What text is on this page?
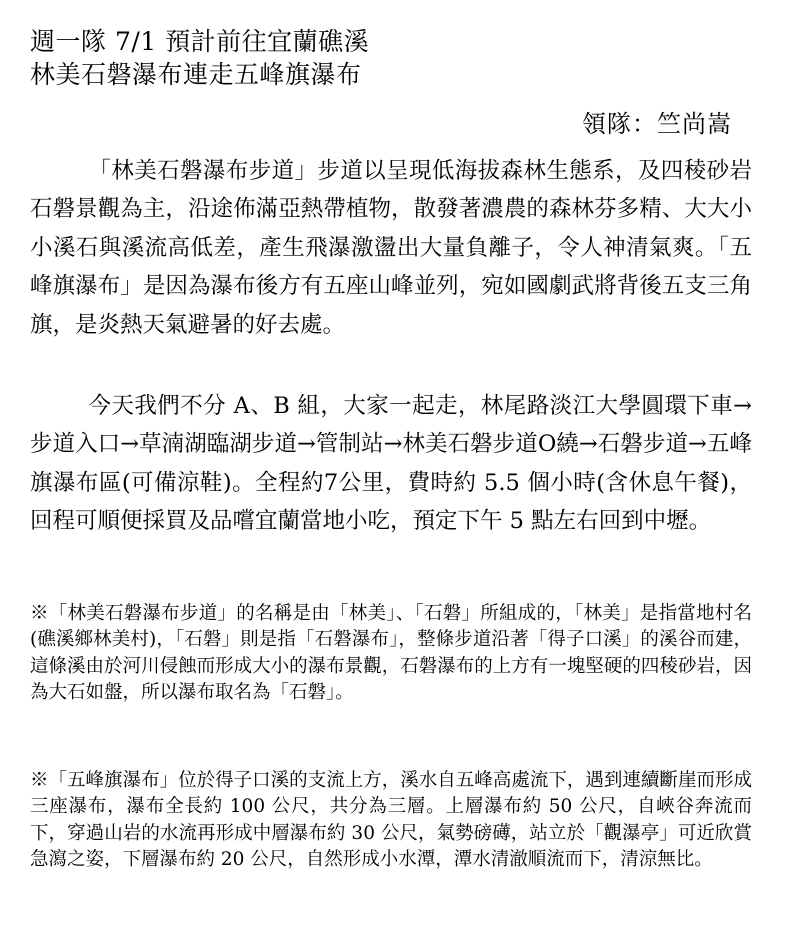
週一隊 7/1 預計前往宜蘭礁溪
林美石磐瀑布連走五峰旗瀑布
領隊：竺尚嵩

「林美石磐瀑布步道」步道以呈現低海拔森林生態系，及四稜砂岩石磐景觀為主，沿途佈滿亞熱帶植物，散發著濃農的森林芬多精、大大小小溪石與溪流高低差，產生飛瀑激盪出大量負離子，令人神清氣爽。「五峰旗瀑布」是因為瀑布後方有五座山峰並列，宛如國劇武將背後五支三角旗，是炎熱天氣避暑的好去處。

今天我們不分 A、B 組，大家一起走，林尾路淡江大學圓環下車→步道入口→草湳湖臨湖步道→管制站→林美石磐步道O繞→石磐步道→五峰旗瀑布區(可備涼鞋)。全程約7公里，費時約 5.5 個小時(含休息午餐)， 回程可順便採買及品嚐宜蘭當地小吃，預定下午 5 點左右回到中壢。

※「林美石磐瀑布步道」的名稱是由「林美」、「石磐」所組成的，「林美」是指當地村名(礁溪鄉林美村)，「石磐」則是指「石磐瀑布」，整條步道沿著「得子口溪」的溪谷而建，這條溪由於河川侵蝕而形成大小的瀑布景觀，石磐瀑布的上方有一塊堅硬的四稜砂岩，因為大石如盤，所以瀑布取名為「石磐」。

※「五峰旗瀑布」位於得子口溪的支流上方，溪水自五峰高處流下，遇到連續斷崖而形成三座瀑布，瀑布全長約 100 公尺，共分為三層。上層瀑布約 50 公尺，自峽谷奔流而下，穿過山岩的水流再形成中層瀑布約 30 公尺，氣勢磅礡，站立於「觀瀑亭」可近欣賞急瀉之姿，下層瀑布約 20 公尺，自然形成小水潭，潭水清澈順流而下，清涼無比。
